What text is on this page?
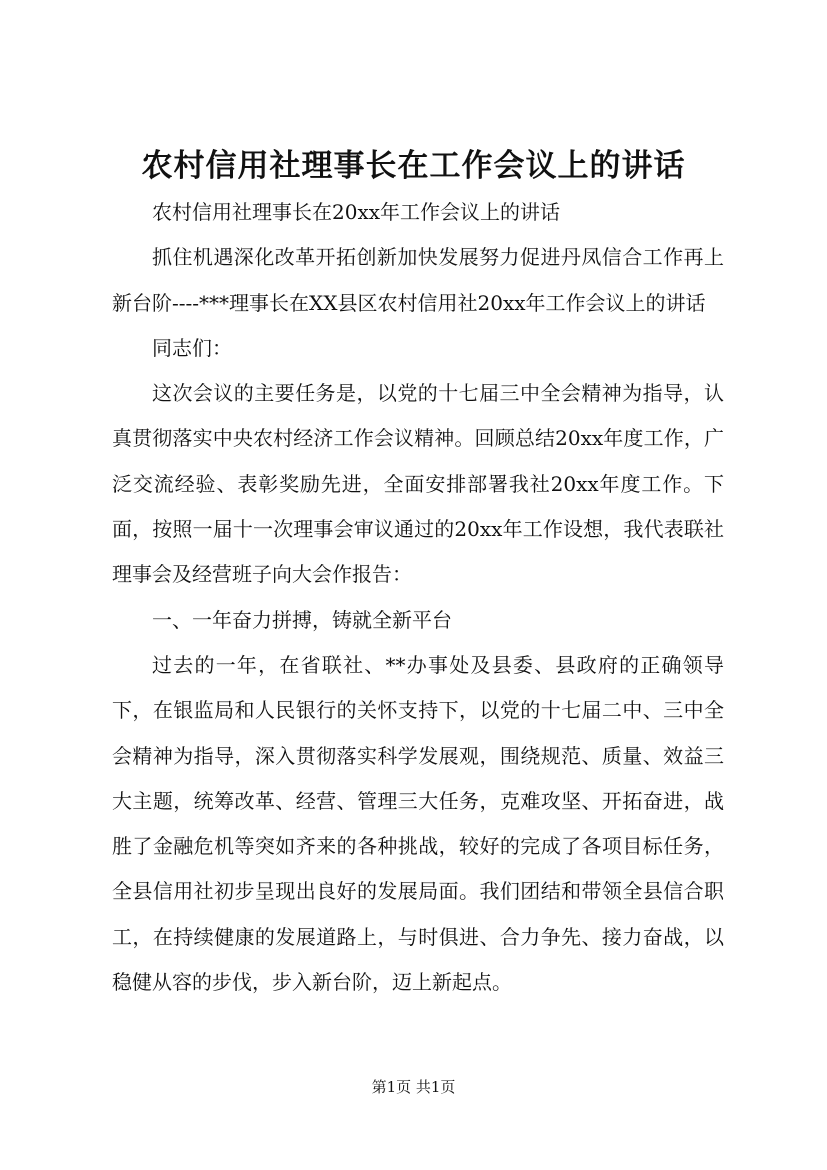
农村信用社理事长在工作会议上的讲话

农村信用社理事长在20xx年工作会议上的讲话

抓住机遇深化改革开拓创新加快发展努力促进丹凤信合工作再上新台阶----***理事长在XX县区农村信用社20xx年工作会议上的讲话

同志们：

这次会议的主要任务是，以党的十七届三中全会精神为指导，认真贯彻落实中央农村经济工作会议精神。回顾总结20xx年度工作，广泛交流经验、表彰奖励先进，全面安排部署我社20xx年度工作。下面，按照一届十一次理事会审议通过的20xx年工作设想，我代表联社理事会及经营班子向大会作报告：

一、一年奋力拼搏，铸就全新平台

过去的一年，在省联社、**办事处及县委、县政府的正确领导下，在银监局和人民银行的关怀支持下，以党的十七届二中、三中全会精神为指导，深入贯彻落实科学发展观，围绕规范、质量、效益三大主题，统筹改革、经营、管理三大任务，克难攻坚、开拓奋进，战胜了金融危机等突如齐来的各种挑战，较好的完成了各项目标任务，全县信用社初步呈现出良好的发展局面。我们团结和带领全县信合职工，在持续健康的发展道路上，与时俱进、合力争先、接力奋战，以稳健从容的步伐，步入新台阶，迈上新起点。

第1页 共1页
